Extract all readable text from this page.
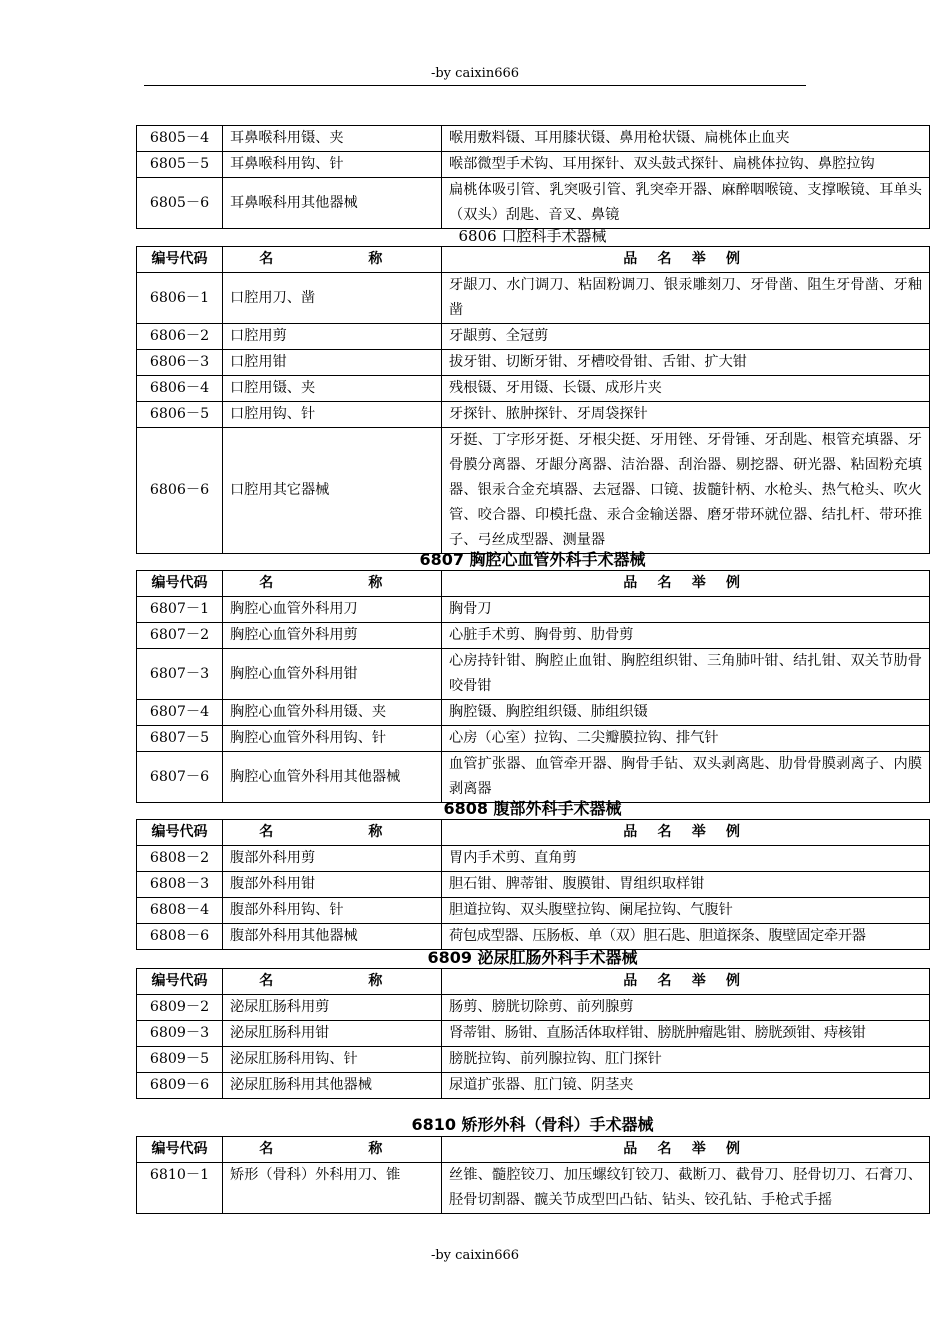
-by caixin666
6805－4	耳鼻喉科用镊、夹	喉用敷料镊、耳用膝状镊、鼻用枪状镊、扁桃体止血夹
6805－5	耳鼻喉科用钩、针	喉部微型手术钩、耳用探针、双头鼓式探针、扁桃体拉钩、鼻腔拉钩
6805－6	耳鼻喉科用其他器械	扁桃体吸引管、乳突吸引管、乳突牵开器、麻醉咽喉镜、支撑喉镜、耳单头（双头）刮匙、音叉、鼻镜
6806 口腔科手术器械
编号代码	名　　称	品 名 举 例
6806－1	口腔用刀、凿	牙龈刀、水门调刀、粘固粉调刀、银汞雕刻刀、牙骨凿、阻生牙骨凿、牙釉凿
6806－2	口腔用剪	牙龈剪、全冠剪
6806－3	口腔用钳	拔牙钳、切断牙钳、牙槽咬骨钳、舌钳、扩大钳
6806－4	口腔用镊、夹	残根镊、牙用镊、长镊、成形片夹
6806－5	口腔用钩、针	牙探针、脓肿探针、牙周袋探针
6806－6	口腔用其它器械	牙挺、丁字形牙挺、牙根尖挺、牙用锉、牙骨锤、牙刮匙、根管充填器、牙骨膜分离器、牙龈分离器、洁治器、刮治器、剔挖器、研光器、粘固粉充填器、银汞合金充填器、去冠器、口镜、拔髓针柄、水枪头、热气枪头、吹火管、咬合器、印模托盘、汞合金输送器、磨牙带环就位器、结扎杆、带环推子、弓丝成型器、测量器
6807 胸腔心血管外科手术器械
编号代码	名　　称	品 名 举 例
6807－1	胸腔心血管外科用刀	胸骨刀
6807－2	胸腔心血管外科用剪	心脏手术剪、胸骨剪、肋骨剪
6807－3	胸腔心血管外科用钳	心房持针钳、胸腔止血钳、胸腔组织钳、三角肺叶钳、结扎钳、双关节肋骨咬骨钳
6807－4	胸腔心血管外科用镊、夹	胸腔镊、胸腔组织镊、肺组织镊
6807－5	胸腔心血管外科用钩、针	心房（心室）拉钩、二尖瓣膜拉钩、排气针
6807－6	胸腔心血管外科用其他器械	血管扩张器、血管牵开器、胸骨手钻、双头剥离匙、肋骨骨膜剥离子、内膜剥离器
6808 腹部外科手术器械
编号代码	名　　称	品 名 举 例
6808－2	腹部外科用剪	胃内手术剪、直角剪
6808－3	腹部外科用钳	胆石钳、脾蒂钳、腹膜钳、胃组织取样钳
6808－4	腹部外科用钩、针	胆道拉钩、双头腹壁拉钩、阑尾拉钩、气腹针
6808－6	腹部外科用其他器械	荷包成型器、压肠板、单（双）胆石匙、胆道探条、腹壁固定牵开器
6809 泌尿肛肠外科手术器械
编号代码	名　　称	品 名 举 例
6809－2	泌尿肛肠科用剪	肠剪、膀胱切除剪、前列腺剪
6809－3	泌尿肛肠科用钳	肾蒂钳、肠钳、直肠活体取样钳、膀胱肿瘤匙钳、膀胱颈钳、痔核钳
6809－5	泌尿肛肠科用钩、针	膀胱拉钩、前列腺拉钩、肛门探针
6809－6	泌尿肛肠科用其他器械	尿道扩张器、肛门镜、阴茎夹
6810 矫形外科（骨科）手术器械
编号代码	名　　称	品 名 举 例
6810－1	矫形（骨科）外科用刀、锥	丝锥、髓腔铰刀、加压螺纹钉铰刀、截断刀、截骨刀、胫骨切刀、石膏刀、胫骨切割器、髋关节成型凹凸钻、钻头、铰孔钻、手枪式手摇
-by caixin666
